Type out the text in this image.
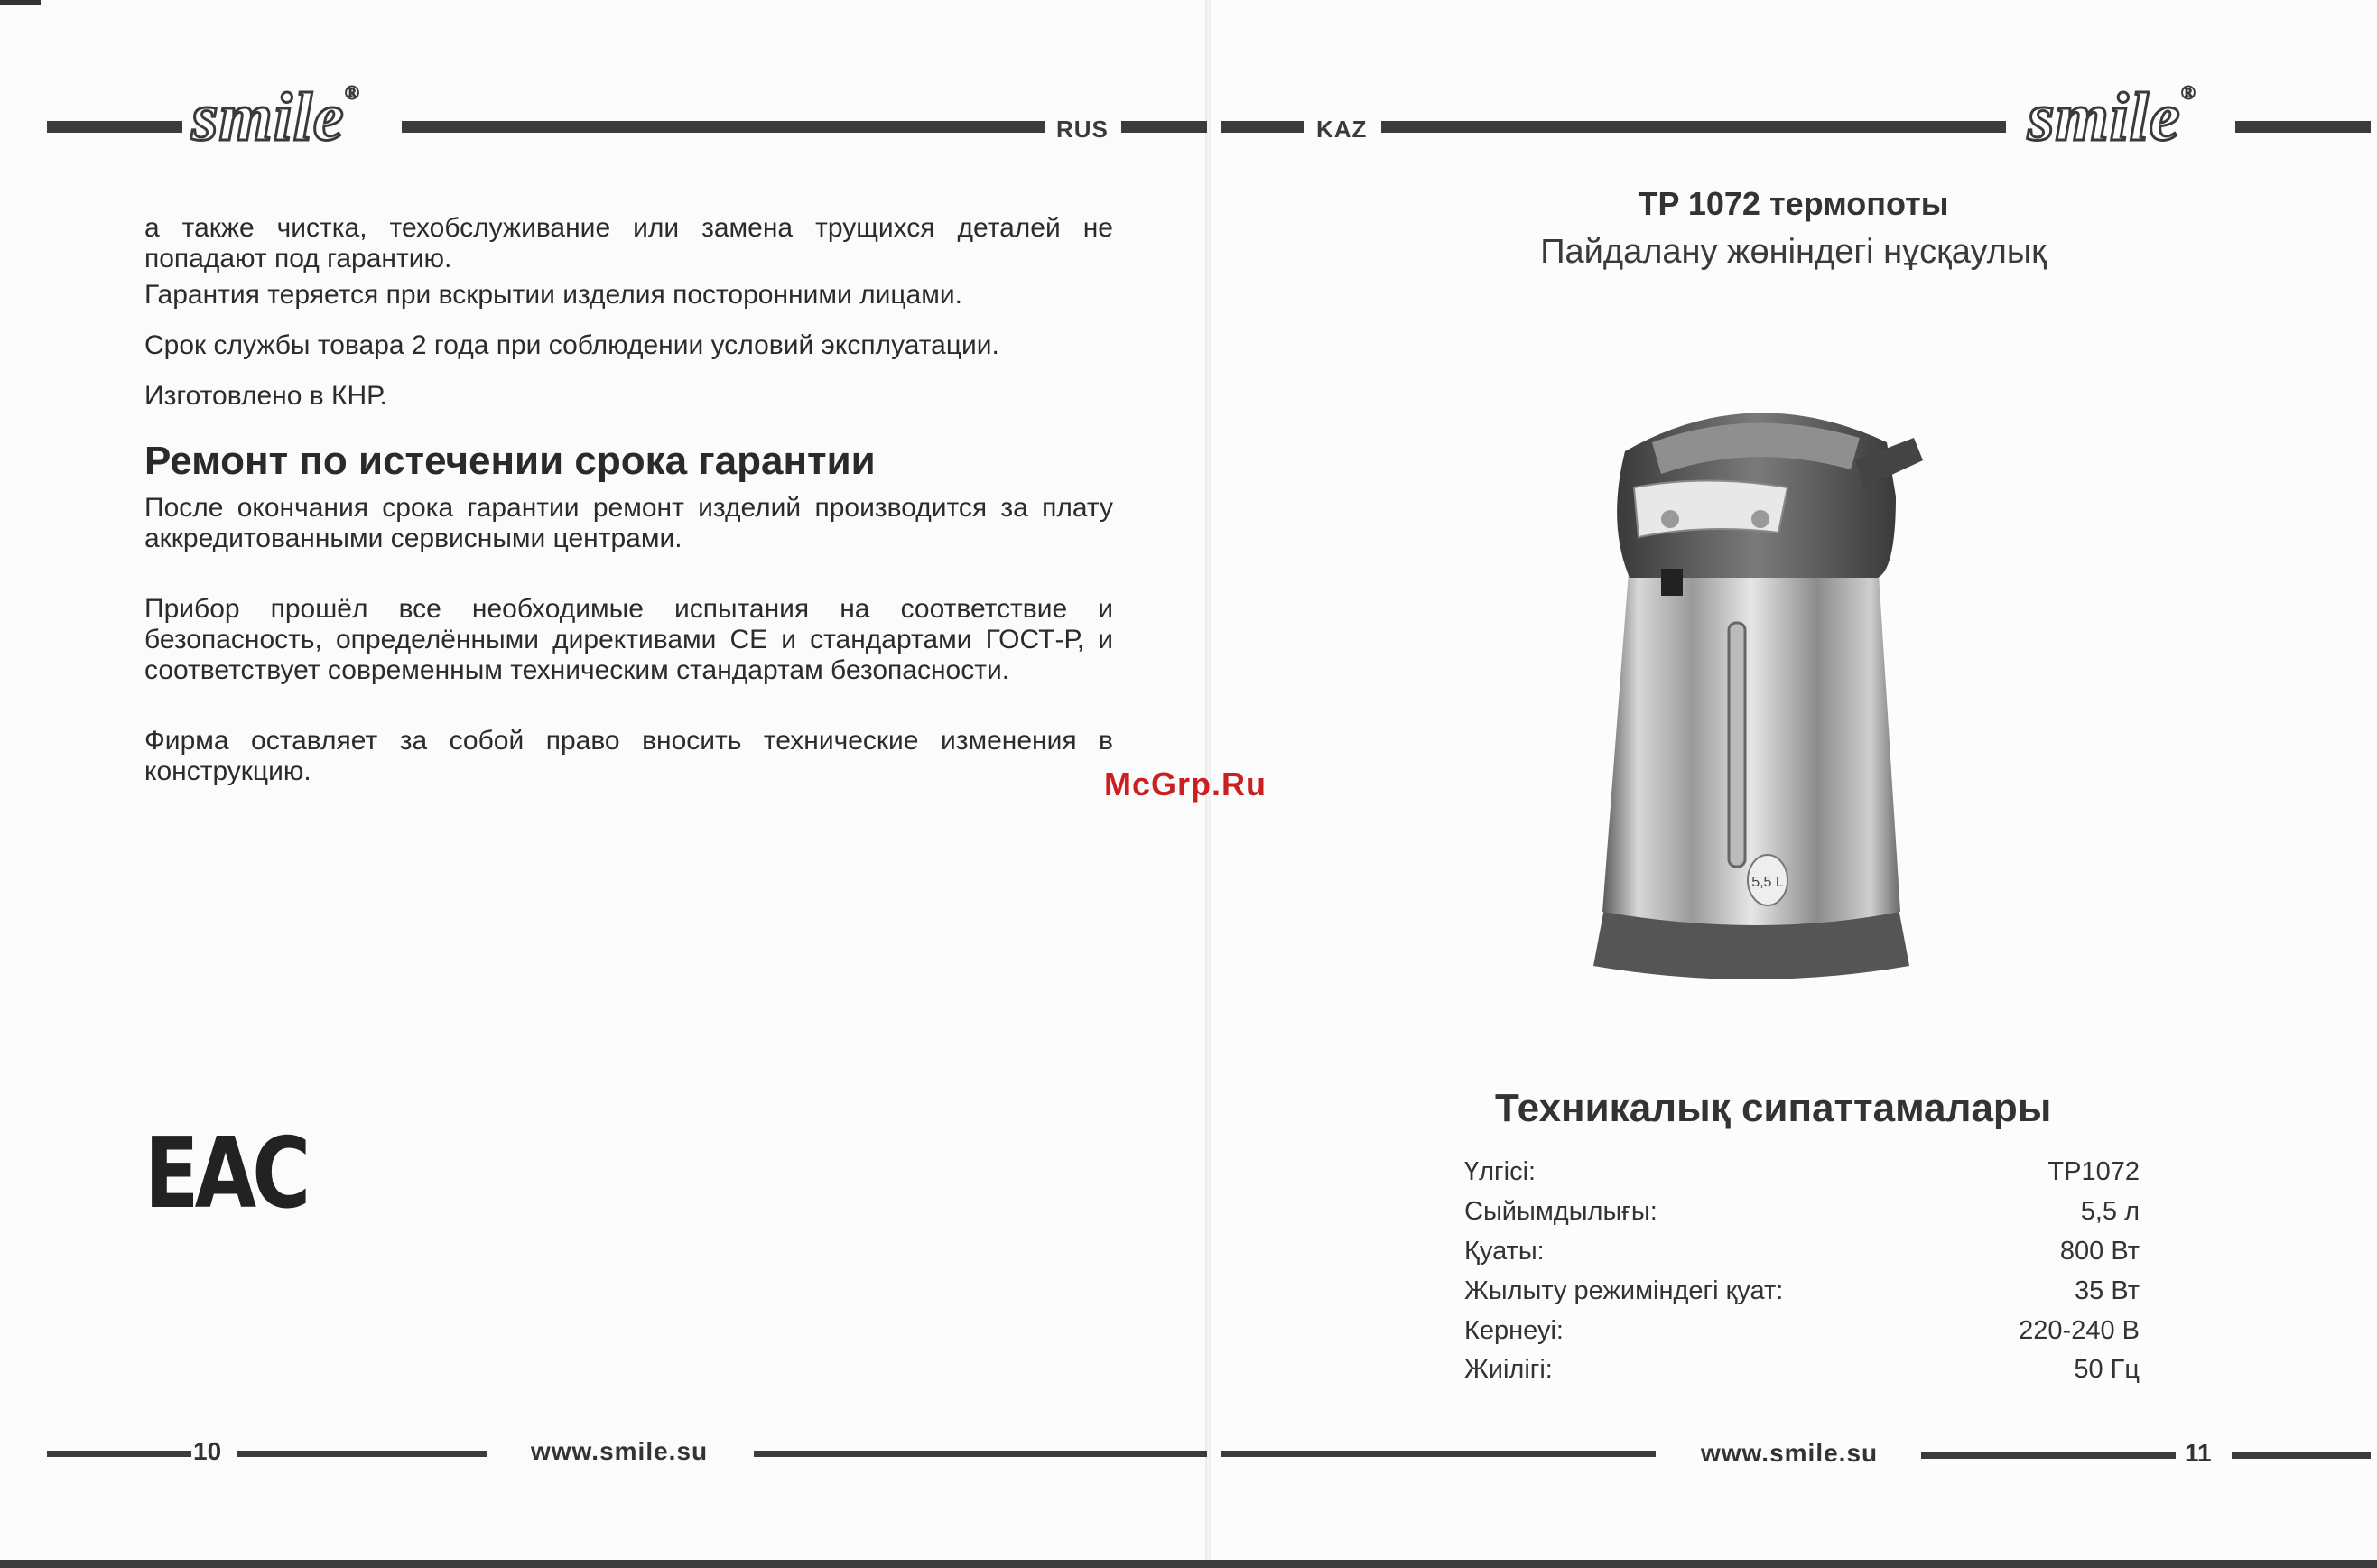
smile®
RUS	KAZ	smile®
а также чистка, техобслуживание или замена трущихся деталей не попадают под гарантию.
Гарантия теряется при вскрытии изделия посторонними лицами.
Срок службы товара 2 года при соблюдении условий эксплуатации.
Изготовлено в КНР.
Ремонт по истечении срока гарантии
После окончания срока гарантии ремонт изделий производится за плату аккредитованными сервисными центрами.
Прибор прошёл все необходимые испытания на соответствие и безопасность, определёнными директивами СЕ и стандартами ГОСТ-Р, и соответствует современным техническим стандартам безопасности.
Фирма оставляет за собой право вносить технические изменения в конструкцию.
EAC
McGrp.Ru
TP 1072 термопоты
Пайдалану жөніндегі нұсқаулық
5,5 L
Техникалық сипаттамалары
Үлгісі:	TP1072
Сыйымдылығы:	5,5 л
Қуаты:	800 Вт
Жылыту режиміндегі қуат:	35 Вт
Кернеуі:	220-240 В
Жиілігі:	50 Гц
10	www.smile.su	www.smile.su	11
